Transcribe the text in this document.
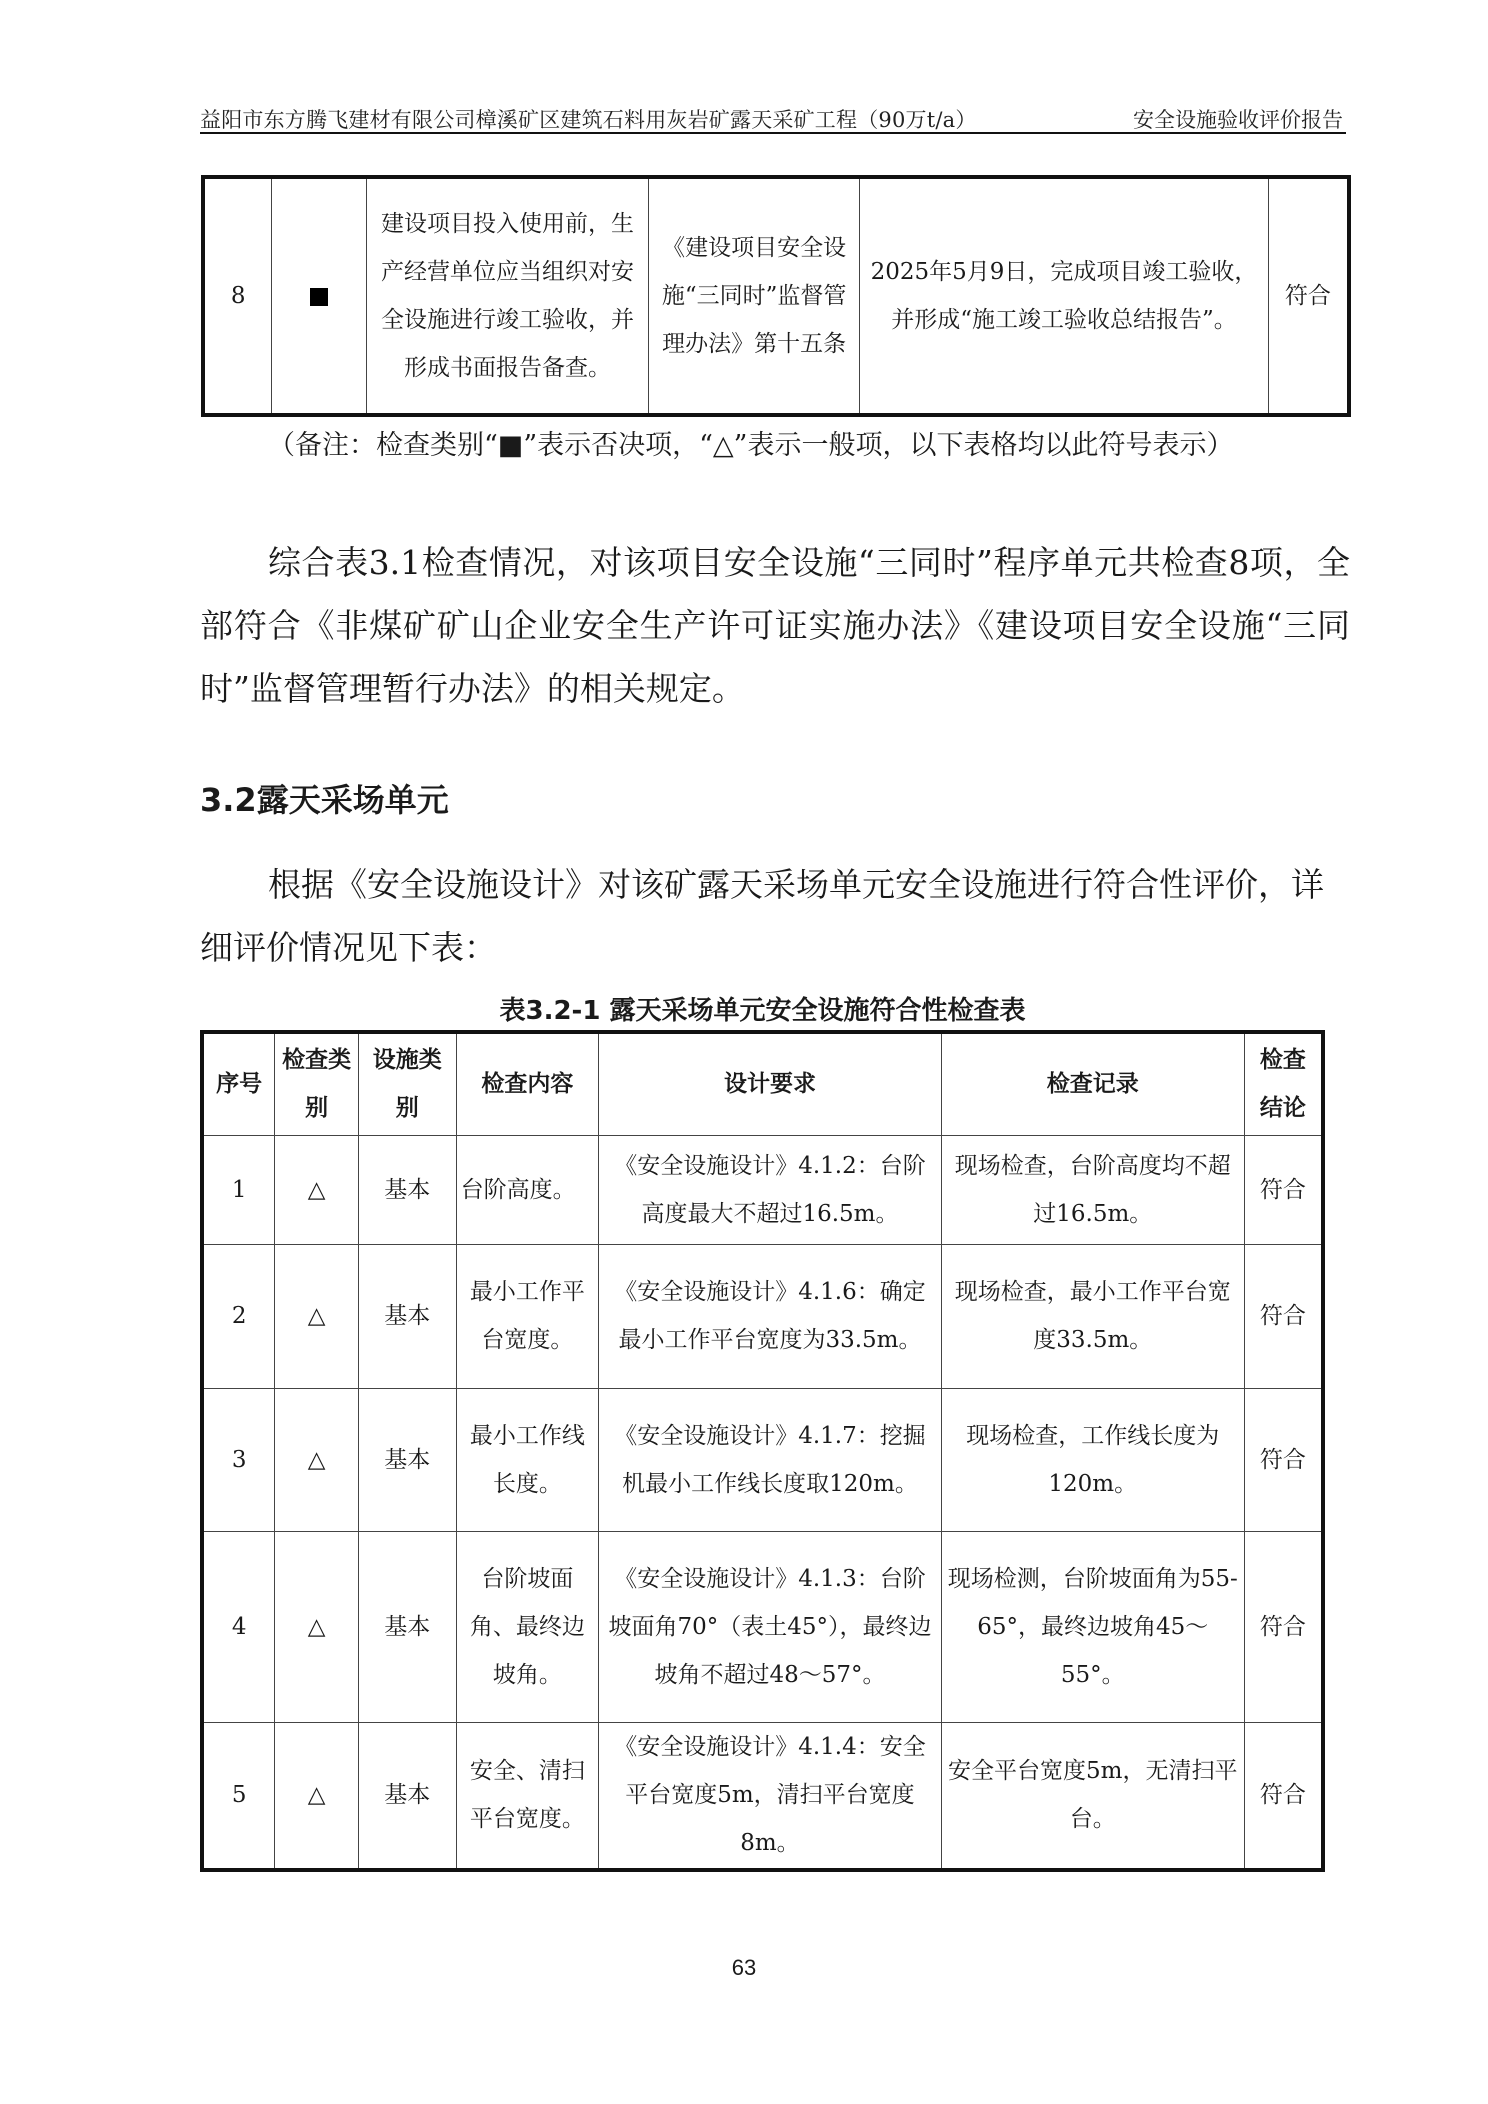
益阳市东方腾飞建材有限公司樟溪矿区建筑石料用灰岩矿露天采矿工程（90万t/a）	安全设施验收评价报告
8		建设项目投入使用前，生产经营单位应当组织对安全设施进行竣工验收，并形成书面报告备查。	《建设项目安全设施“三同时”监督管理办法》第十五条	2025年5月9日，完成项目竣工验收，并形成“施工竣工验收总结报告”。	符合
（备注：检查类别“■”表示否决项，“△”表示一般项，以下表格均以此符号表示）
综合表3.1检查情况，对该项目安全设施“三同时”程序单元共检查8项，全部符合《非煤矿矿山企业安全生产许可证实施办法》《建设项目安全设施“三同时”监督管理暂行办法》的相关规定。
3.2露天采场单元
根据《安全设施设计》对该矿露天采场单元安全设施进行符合性评价，详细评价情况见下表：
表3.2-1 露天采场单元安全设施符合性检查表
序号	检查类别	设施类别	检查内容	设计要求	检查记录	检查结论
1	△	基本	台阶高度。	《安全设施设计》4.1.2：台阶高度最大不超过16.5m。	现场检查，台阶高度均不超过16.5m。	符合
2	△	基本	最小工作平台宽度。	《安全设施设计》4.1.6：确定最小工作平台宽度为33.5m。	现场检查，最小工作平台宽度33.5m。	符合
3	△	基本	最小工作线长度。	《安全设施设计》4.1.7：挖掘机最小工作线长度取120m。	现场检查，工作线长度为120m。	符合
4	△	基本	台阶坡面角、最终边坡角。	《安全设施设计》4.1.3：台阶坡面角70°（表土45°），最终边坡角不超过48～57°。	现场检测，台阶坡面角为55-65°，最终边坡角45～55°。	符合
5	△	基本	安全、清扫平台宽度。	《安全设施设计》4.1.4：安全平台宽度5m，清扫平台宽度8m。	安全平台宽度5m，无清扫平台。	符合
63
